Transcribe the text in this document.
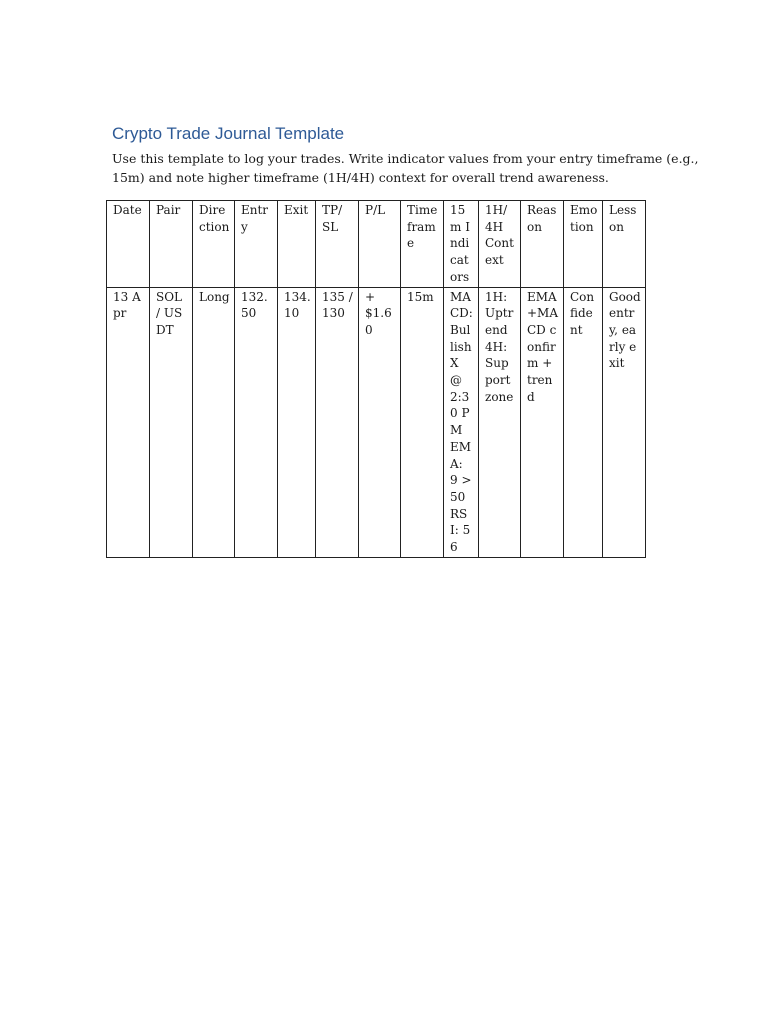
Crypto Trade Journal Template
Use this template to log your trades. Write indicator values from your entry timeframe (e.g.,
15m) and note higher timeframe (1H/4H) context for overall trend awareness.
Date	Pair	Direction	Entry	Exit	TP/ SL	P/L	Timeframe	15m Indicators	1H/ 4H Context	Reason	Emotion	Lesson
13 Apr	SOL / USDT	Long	132.50	134.10	135 / 130	+ $1.60	15m	MACD: Bullish X @ 2:30 PM EMA: 9 > 50 RSI: 56	1H: Uptrend 4H: Support zone	EMA+MACD confirm + trend	Confident	Good entry, early exit
